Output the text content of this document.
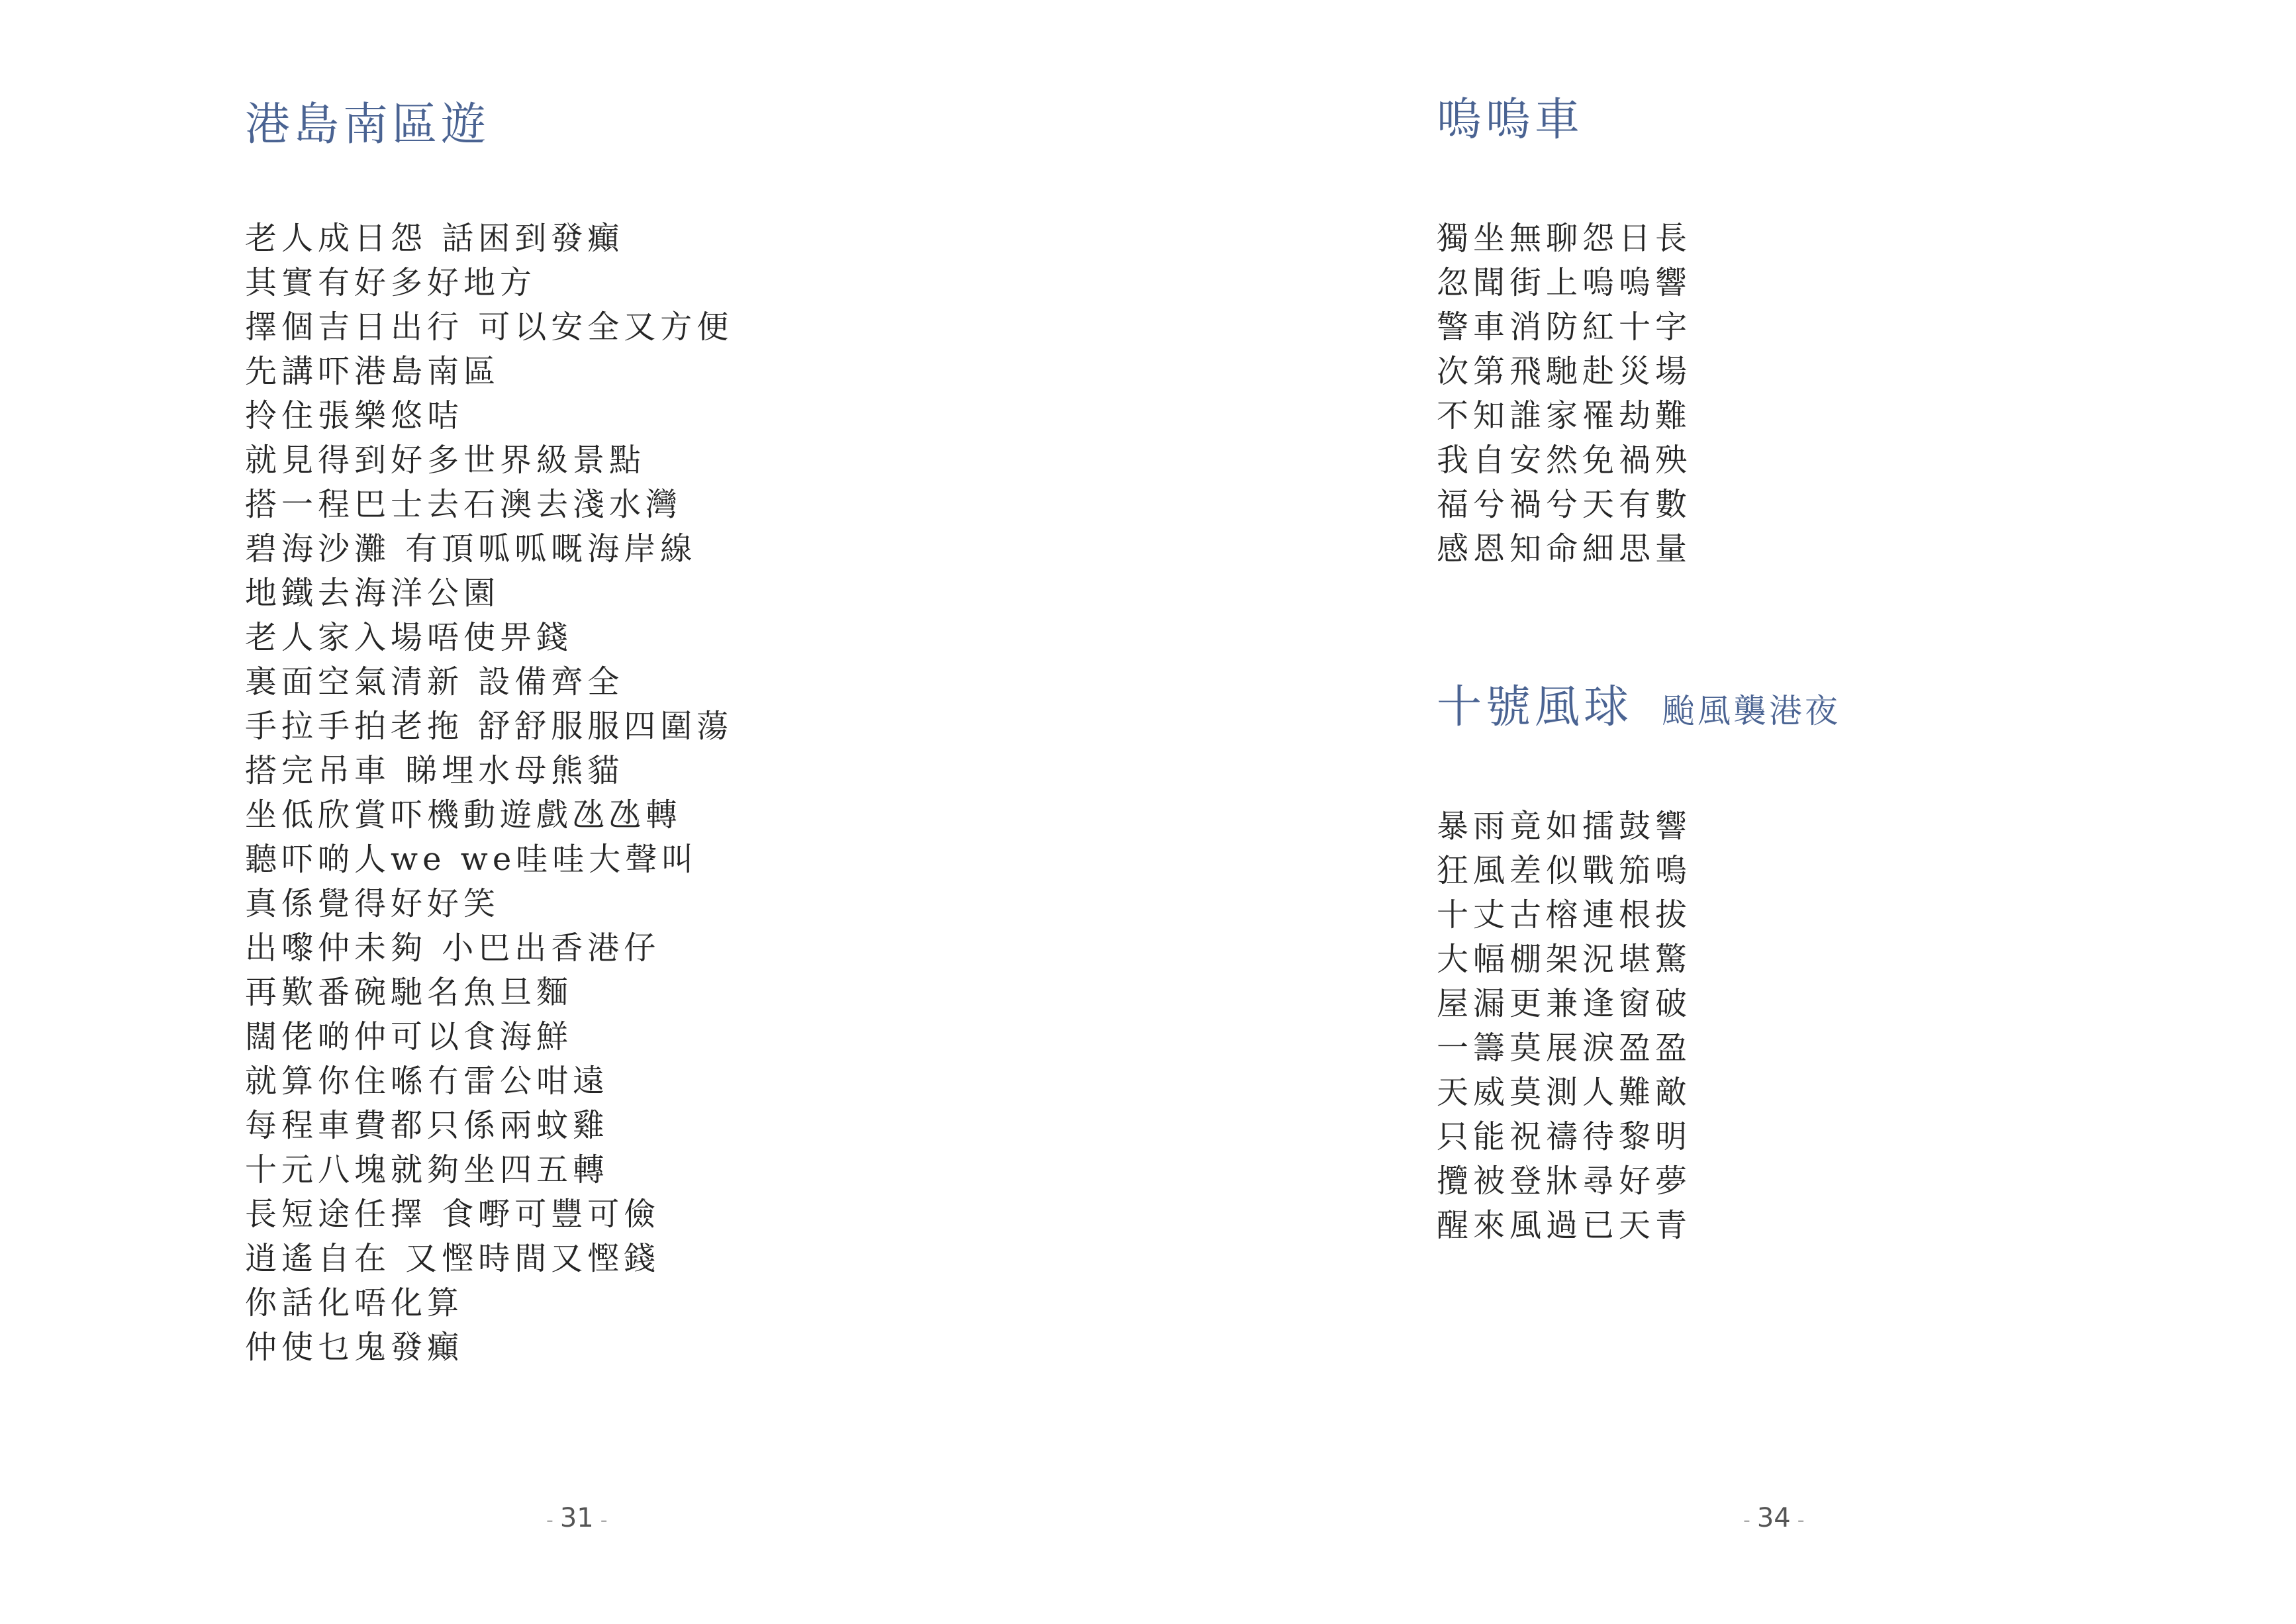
港島南區遊
老人成日怨 話困到發癲
其實有好多好地方
擇個吉日出行 可以安全又方便
先講吓港島南區
拎住張樂悠咭
就見得到好多世界級景點
搭一程巴士去石澳去淺水灣
碧海沙灘 有頂呱呱嘅海岸線
地鐵去海洋公園
老人家入場唔使畀錢
裏面空氣清新 設備齊全
手拉手拍老拖 舒舒服服四圍蕩
搭完吊車 睇埋水母熊貓
坐低欣賞吓機動遊戲氹氹轉
聽吓啲人we we哇哇大聲叫
真係覺得好好笑
出嚟仲未夠 小巴出香港仔
再歎番碗馳名魚旦麵
闊佬啲仲可以食海鮮
就算你住喺冇雷公咁遠
每程車費都只係兩蚊雞
十元八塊就夠坐四五轉
長短途任擇 食嘢可豐可儉
逍遙自在 又慳時間又慳錢
你話化唔化算
仲使乜鬼發癲
- 31 -
嗚嗚車
獨坐無聊怨日長
忽聞街上嗚嗚響
警車消防紅十字
次第飛馳赴災場
不知誰家罹劫難
我自安然免禍殃
福兮禍兮天有數
感恩知命細思量
十號風球 颱風襲港夜
暴雨竟如擂鼓響
狂風差似戰笳鳴
十丈古榕連根拔
大幅棚架況堪驚
屋漏更兼逢窗破
一籌莫展淚盈盈
天威莫測人難敵
只能祝禱待黎明
攬被登牀尋好夢
醒來風過已天青
- 34 -
